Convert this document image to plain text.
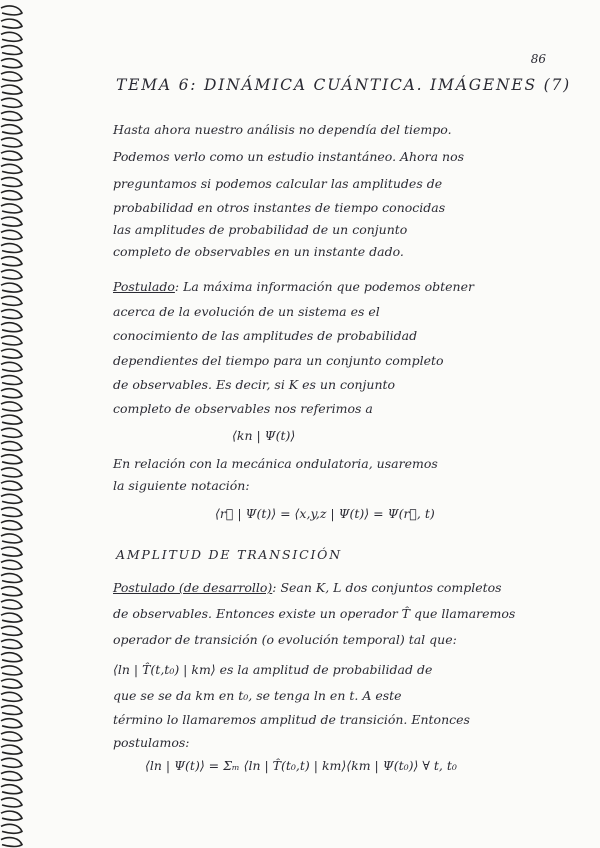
86
TEMA 6: DINÁMICA CUÁNTICA. IMÁGENES (7)
Hasta ahora nuestro análisis no dependía del tiempo.
Podemos verlo como un estudio instantáneo. Ahora nos
preguntamos si podemos calcular las amplitudes de
probabilidad en otros instantes de tiempo conocidas
las amplitudes de probabilidad de un conjunto
completo de observables en un instante dado.
Postulado: La máxima información que podemos obtener
acerca de la evolución de un sistema es el
conocimiento de las amplitudes de probabilidad
dependientes del tiempo para un conjunto completo
de observables. Es decir, si K es un conjunto
completo de observables nos referimos a
⟨kn | Ψ(t)⟩
En relación con la mecánica ondulatoria, usaremos
la siguiente notación:
⟨r⃗ | Ψ(t)⟩ = ⟨x,y,z | Ψ(t)⟩ = Ψ(r⃗, t)
AMPLITUD DE TRANSICIÓN
Postulado (de desarrollo): Sean K, L dos conjuntos completos
de observables. Entonces existe un operador T̂ que llamaremos
operador de transición (o evolución temporal) tal que:
⟨ln | T̂(t,t₀) | km⟩ es la amplitud de probabilidad de
que se se da km en t₀, se tenga ln en t. A este
término lo llamaremos amplitud de transición. Entonces
postulamos:
⟨ln | Ψ(t)⟩ = Σₘ ⟨ln | T̂(t₀,t) | km⟩⟨km | Ψ(t₀)⟩ ∀ t, t₀
